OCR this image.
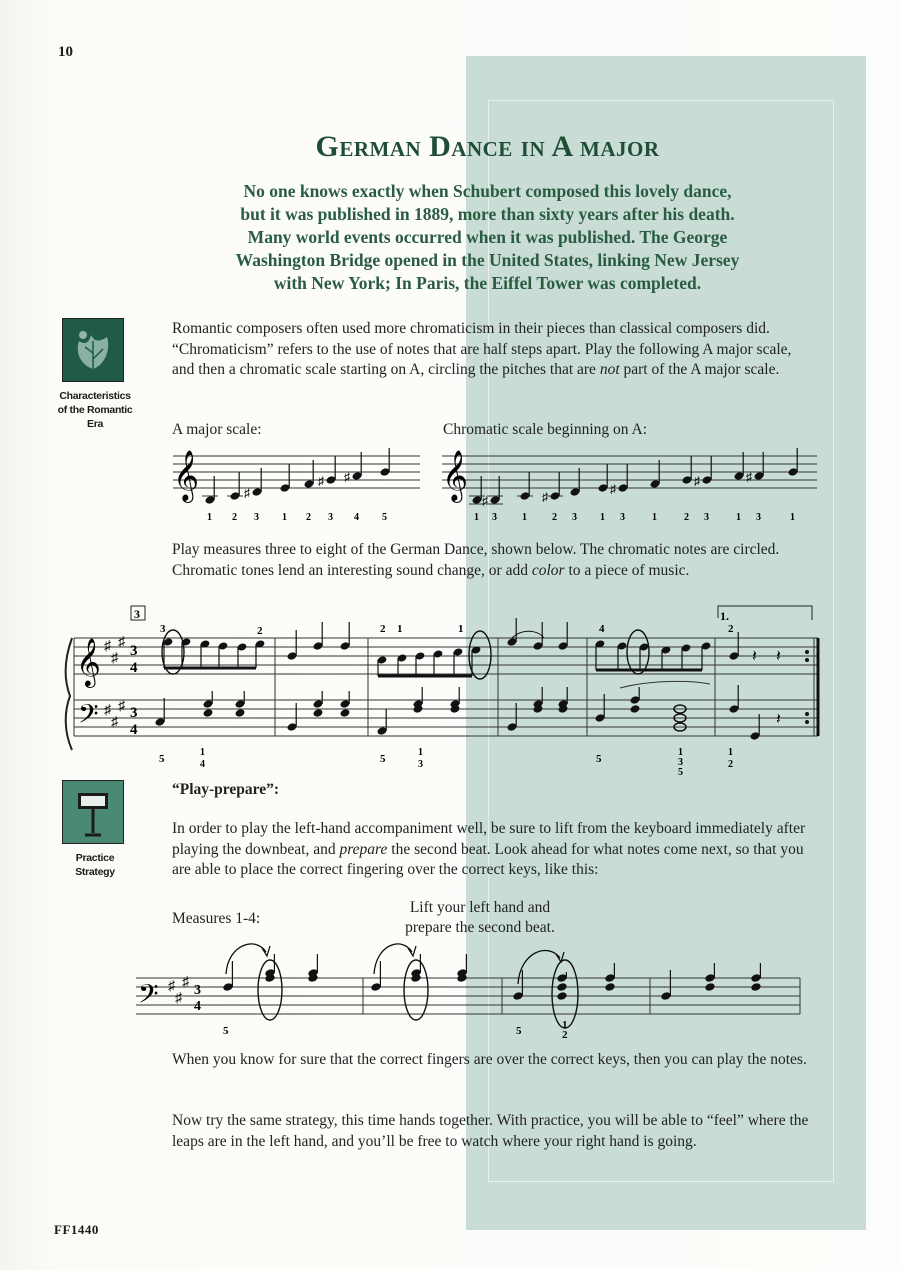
10
German Dance in A major
No one knows exactly when Schubert composed this lovely dance,
but it was published in 1889, more than sixty years after his death.
Many world events occurred when it was published. The George
Washington Bridge opened in the United States, linking New Jersey
with New York; In Paris, the Eiffel Tower was completed.
Characteristics of the Romantic Era
Romantic composers often used more chromaticism in their pieces than classical composers did. “Chromaticism” refers to the use of notes that are half steps apart. Play the following A major scale, and then a chromatic scale starting on A, circling the pitches that are not part of the A major scale.
A major scale:	Chromatic scale beginning on A:
𝄞	𝄞
1 2
♯
3 1 2
♯
3
♯
4 5	1
♯
3	1
♯
2 3 1
♯
3	1	2
♯
3	1
♯
3	1
Play measures three to eight of the German Dance, shown below. The chromatic notes are circled. Chromatic tones lend an interesting sound change, or add color to a piece of music.
3	1.
𝄞
𝄢
♯
♯
♯
♯
♯
♯
3
4
3
4
𝄽 𝄽
𝄽
3	2	2 1	1	4	2
5	5	5
1
4
1
3
1
3
5
1
2
Practice Strategy
“Play-prepare”:
In order to play the left-hand accompaniment well, be sure to lift from the keyboard immediately after playing the downbeat, and prepare the second beat. Look ahead for what notes come next, so that you are able to place the correct fingering over the correct keys, like this:
Measures 1-4:
Lift your left hand and
prepare the second beat.
𝄢 ♯
♯
♯
3
4
5	5	1
2
When you know for sure that the correct fingers are over the correct keys, then you can play the notes.
Now try the same strategy, this time hands together. With practice, you will be able to “feel” where the leaps are in the left hand, and you’ll be free to watch where your right hand is going.
FF1440
